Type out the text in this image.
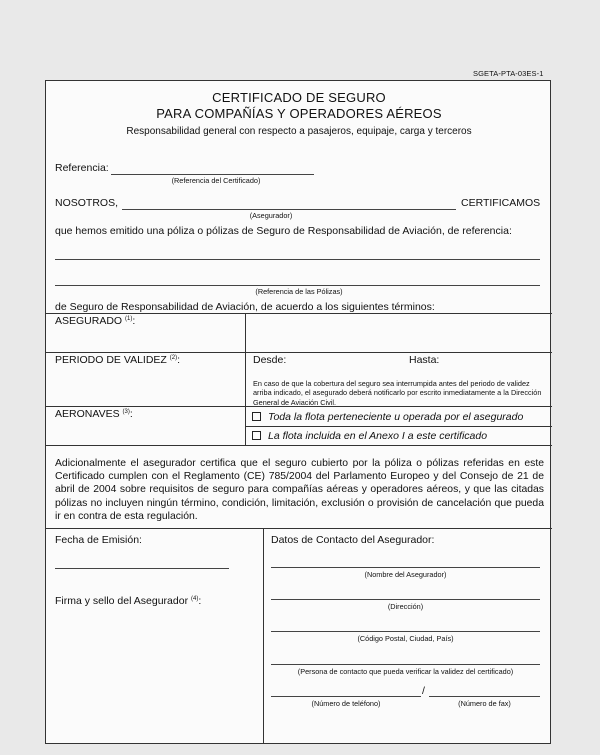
SGETA-PTA-03ES-1
CERTIFICADO DE SEGURO
PARA COMPAÑÍAS Y OPERADORES AÉREOS
Responsabilidad general con respecto a pasajeros, equipaje, carga y terceros
Referencia:
(Referencia del Certificado)
NOSOTROS,	CERTIFICAMOS
(Asegurador)
que hemos emitido una póliza o pólizas de Seguro de Responsabilidad de Aviación, de referencia:
(Referencia de las Pólizas)
de Seguro de Responsabilidad de Aviación, de acuerdo a los siguientes términos:
ASEGURADO $^{(1)}$:
PERIODO DE VALIDEZ $^{(2)}$:	Desde:	Hasta:
En caso de que la cobertura del seguro sea interrumpida antes del periodo de validez arriba indicado, el asegurado deberá notificarlo por escrito inmediatamente a la Dirección General de Aviación Civil.
AERONAVES $^{(3)}$:	Toda la flota perteneciente u operada por el asegurado
La flota incluida en el Anexo I a este certificado
Adicionalmente el asegurador certifica que el seguro cubierto por la póliza o pólizas referidas en este Certificado cumplen con el Reglamento (CE) 785/2004 del Parlamento Europeo y del Consejo de 21 de abril de 2004 sobre requisitos de seguro para compañías aéreas y operadores aéreos, y que las citadas pólizas no incluyen ningún término, condición, limitación, exclusión o provisión de cancelación que pueda ir en contra de esta regulación.
Fecha de Emisión:
Firma y sello del Asegurador $^{(4)}$:
Datos de Contacto del Asegurador:
(Nombre del Asegurador)
(Dirección)
(Código Postal, Ciudad, País)
(Persona de contacto que pueda verificar la validez del certificado)
/
(Número de teléfono)	(Número de fax)
